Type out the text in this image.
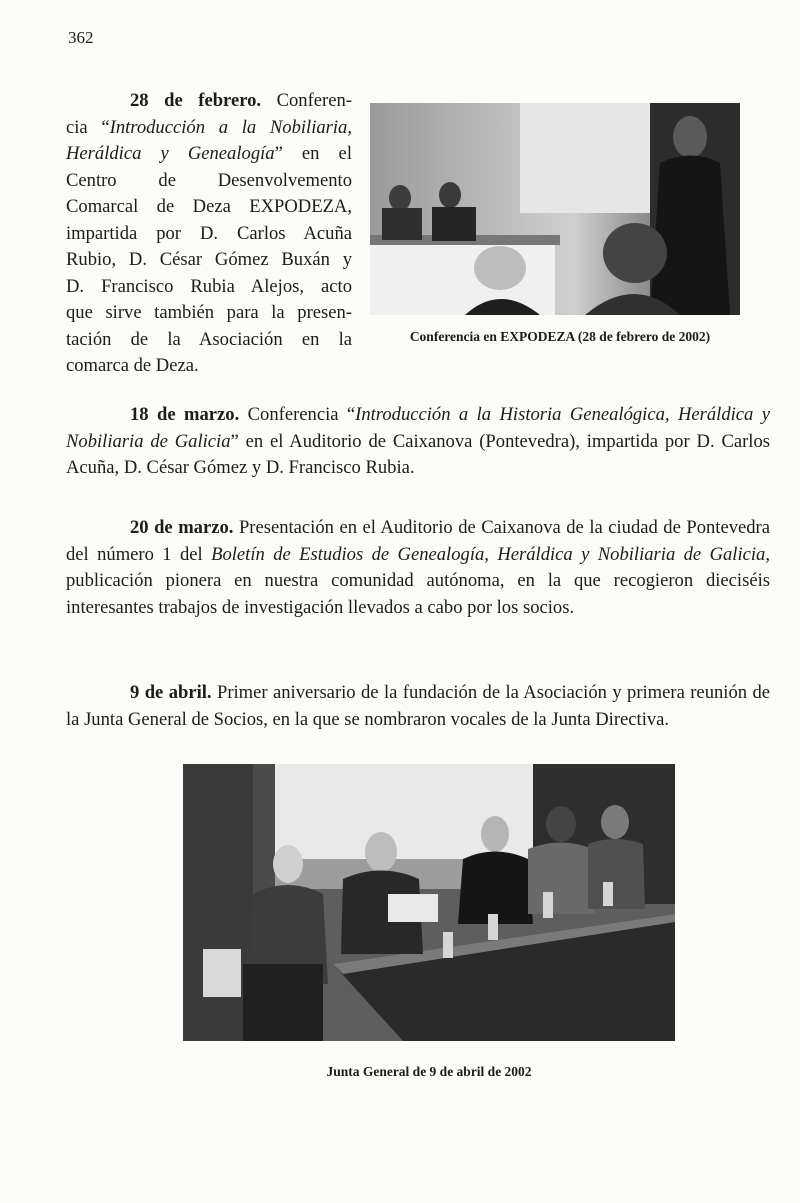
362
28 de febrero. Conferen-
cia “Introducción a la Nobiliaria,
Heráldica y Genealogía” en el
Centro de Desenvolvemento
Comarcal de Deza EXPODEZA,
impartida por D. Carlos Acuña
Rubio, D. César Gómez Buxán y
D. Francisco Rubia Alejos, acto
que sirve también para la presen-
tación de la Asociación en la
comarca de Deza.
Conferencia en EXPODEZA (28 de febrero de 2002)

18 de marzo. Conferencia “Introducción a la Historia Genealógica, Heráldica y Nobiliaria de Galicia” en el Auditorio de Caixanova (Pontevedra), impartida por D. Carlos Acuña, D. César Gómez y D. Francisco Rubia.

20 de marzo. Presentación en el Auditorio de Caixanova de la ciudad de Pontevedra del número 1 del Boletín de Estudios de Genealogía, Heráldica y Nobiliaria de Galicia, publicación pionera en nuestra comunidad autónoma, en la que recogieron dieciséis interesantes trabajos de investigación llevados a cabo por los socios.

9 de abril. Primer aniversario de la fundación de la Asociación y primera reunión de la Junta General de Socios, en la que se nombraron vocales de la Junta Directiva.

Junta General de 9 de abril de 2002
